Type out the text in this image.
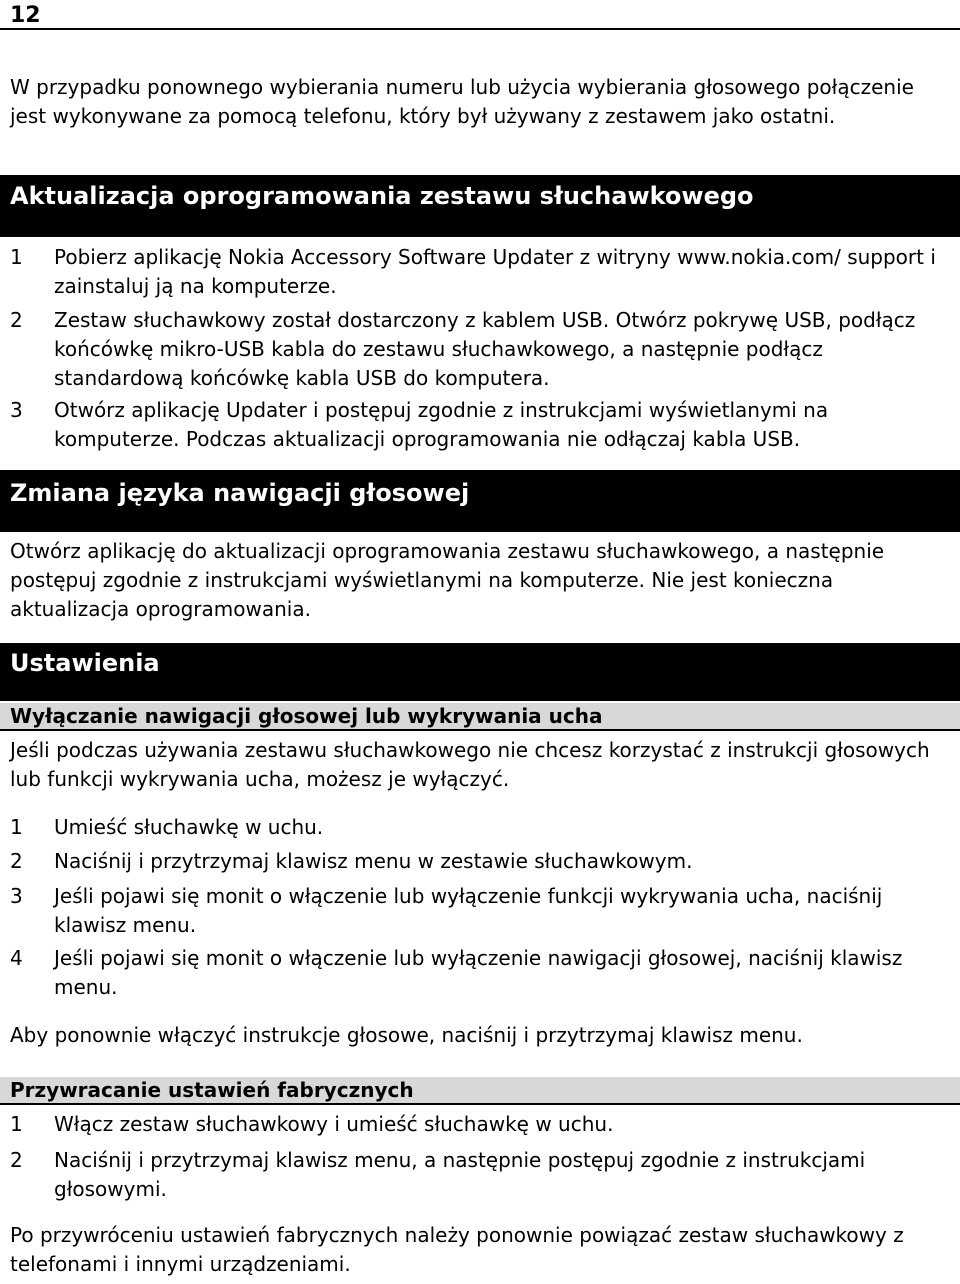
12

W przypadku ponownego wybierania numeru lub użycia wybierania głosowego połączenie jest wykonywane za pomocą telefonu, który był używany z zestawem jako ostatni.

Aktualizacja oprogramowania zestawu słuchawkowego
1	Pobierz aplikację Nokia Accessory Software Updater z witryny www.nokia.com/ support i zainstaluj ją na komputerze.
2	Zestaw słuchawkowy został dostarczony z kablem USB. Otwórz pokrywę USB, podłącz końcówkę mikro-USB kabla do zestawu słuchawkowego, a następnie podłącz standardową końcówkę kabla USB do komputera.
3	Otwórz aplikację Updater i postępuj zgodnie z instrukcjami wyświetlanymi na komputerze. Podczas aktualizacji oprogramowania nie odłączaj kabla USB.
Zmiana języka nawigacji głosowej

Otwórz aplikację do aktualizacji oprogramowania zestawu słuchawkowego, a następnie postępuj zgodnie z instrukcjami wyświetlanymi na komputerze. Nie jest konieczna aktualizacja oprogramowania.

Ustawienia
Wyłączanie nawigacji głosowej lub wykrywania ucha

Jeśli podczas używania zestawu słuchawkowego nie chcesz korzystać z instrukcji głosowych lub funkcji wykrywania ucha, możesz je wyłączyć.

1	Umieść słuchawkę w uchu.
2	Naciśnij i przytrzymaj klawisz menu w zestawie słuchawkowym.
3	Jeśli pojawi się monit o włączenie lub wyłączenie funkcji wykrywania ucha, naciśnij klawisz menu.
4	Jeśli pojawi się monit o włączenie lub wyłączenie nawigacji głosowej, naciśnij klawisz menu.

Aby ponownie włączyć instrukcje głosowe, naciśnij i przytrzymaj klawisz menu.

Przywracanie ustawień fabrycznych
1	Włącz zestaw słuchawkowy i umieść słuchawkę w uchu.
2	Naciśnij i przytrzymaj klawisz menu, a następnie postępuj zgodnie z instrukcjami głosowymi.

Po przywróceniu ustawień fabrycznych należy ponownie powiązać zestaw słuchawkowy z telefonami i innymi urządzeniami.
